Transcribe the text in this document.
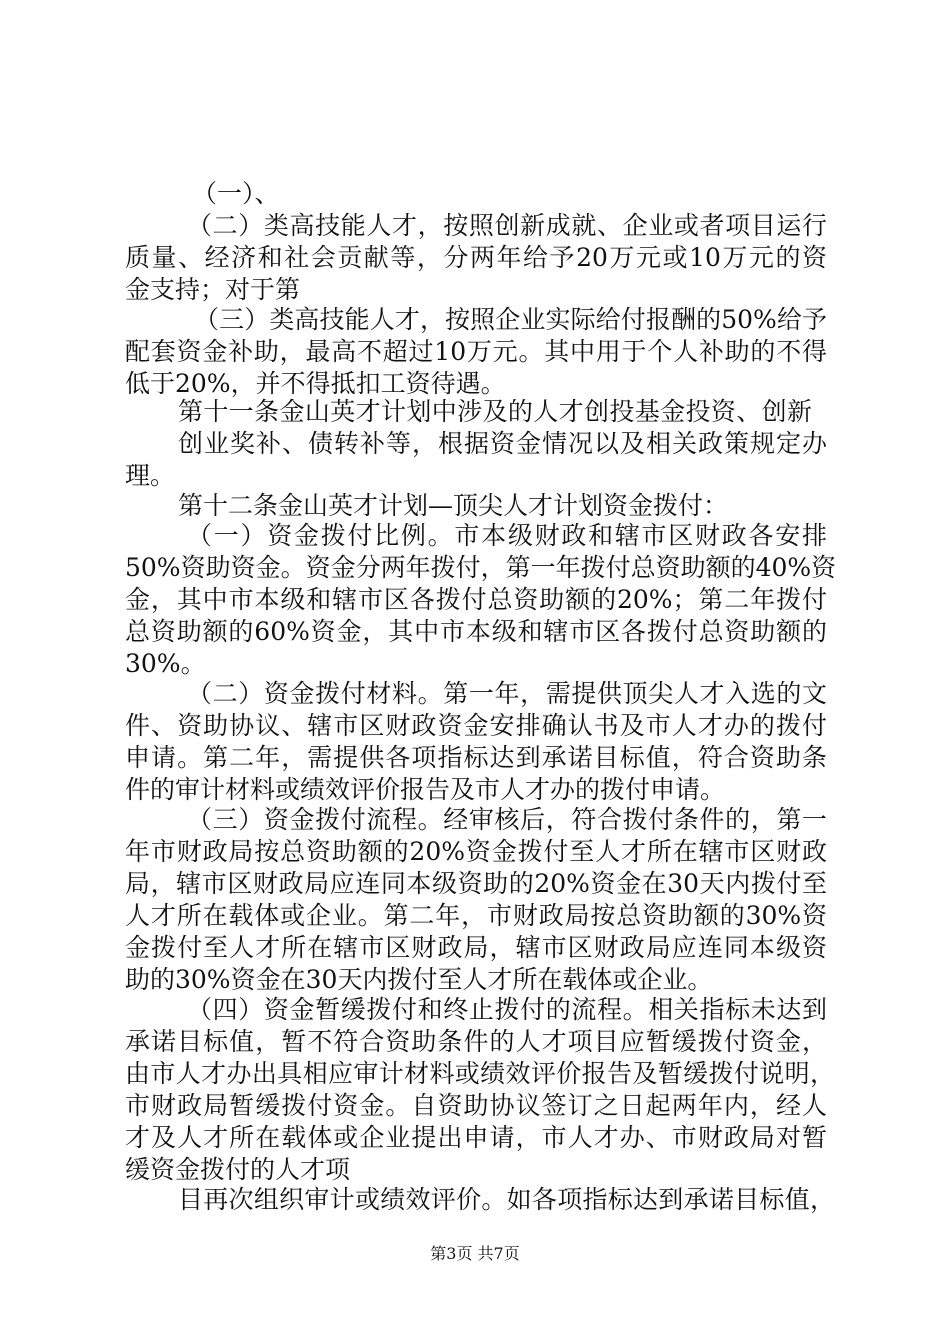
（一）、
（二）类高技能人才，按照创新成就、企业或者项目运行
质量、经济和社会贡献等，分两年给予20万元或10万元的资
金支持；对于第
（三）类高技能人才，按照企业实际给付报酬的50%给予
配套资金补助，最高不超过10万元。其中用于个人补助的不得
低于20%，并不得抵扣工资待遇。
第十一条金山英才计划中涉及的人才创投基金投资、创新
创业奖补、债转补等，根据资金情况以及相关政策规定办
理。
第十二条金山英才计划—顶尖人才计划资金拨付：
（一）资金拨付比例。市本级财政和辖市区财政各安排
50%资助资金。资金分两年拨付，第一年拨付总资助额的40%资
金，其中市本级和辖市区各拨付总资助额的20%；第二年拨付
总资助额的60%资金，其中市本级和辖市区各拨付总资助额的
30%。
（二）资金拨付材料。第一年，需提供顶尖人才入选的文
件、资助协议、辖市区财政资金安排确认书及市人才办的拨付
申请。第二年，需提供各项指标达到承诺目标值，符合资助条
件的审计材料或绩效评价报告及市人才办的拨付申请。
（三）资金拨付流程。经审核后，符合拨付条件的，第一
年市财政局按总资助额的20%资金拨付至人才所在辖市区财政
局，辖市区财政局应连同本级资助的20%资金在30天内拨付至
人才所在载体或企业。第二年，市财政局按总资助额的30%资
金拨付至人才所在辖市区财政局，辖市区财政局应连同本级资
助的30%资金在30天内拨付至人才所在载体或企业。
（四）资金暂缓拨付和终止拨付的流程。相关指标未达到
承诺目标值，暂不符合资助条件的人才项目应暂缓拨付资金，
由市人才办出具相应审计材料或绩效评价报告及暂缓拨付说明，
市财政局暂缓拨付资金。自资助协议签订之日起两年内，经人
才及人才所在载体或企业提出申请，市人才办、市财政局对暂
缓资金拨付的人才项
目再次组织审计或绩效评价。如各项指标达到承诺目标值，
第3页 共7页
